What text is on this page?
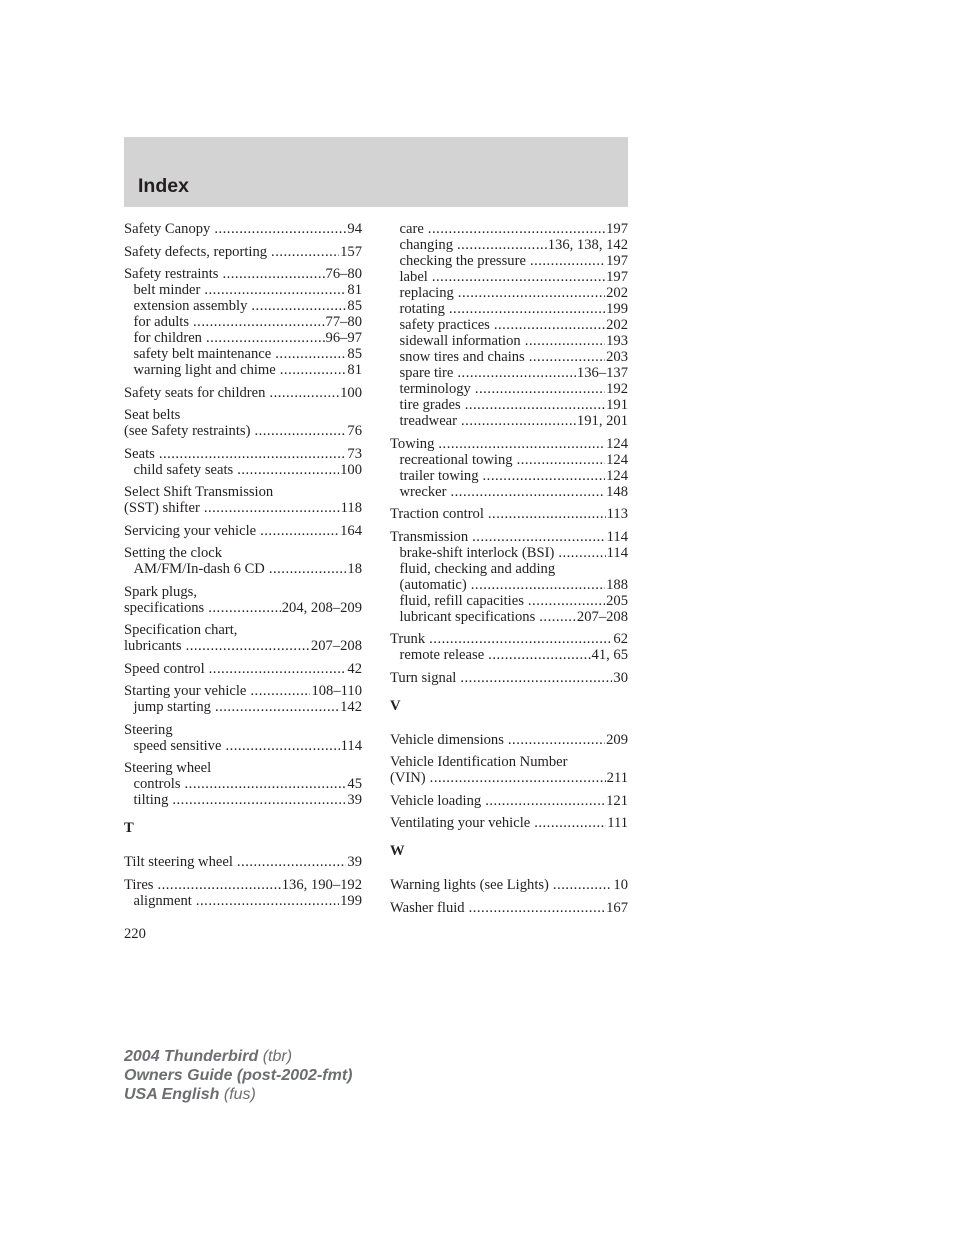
Index
Safety Canopy .....	94
Safety defects, reporting .....	157
Safety restraints .....	76–80
belt minder .....	81
extension assembly .....	85
for adults .....	77–80
for children .....	96–97
safety belt maintenance .....	85
warning light and chime .....	81
Safety seats for children .....	100
Seat belts
(see Safety restraints) .....	76
Seats .....	73
child safety seats .....	100
Select Shift Transmission
(SST) shifter .....	118
Servicing your vehicle .....	164
Setting the clock
AM/FM/In-dash 6 CD .....	18
Spark plugs,
specifications .....	204, 208–209
Specification chart,
lubricants .....	207–208
Speed control .....	42
Starting your vehicle .....	108–110
jump starting .....	142
Steering
speed sensitive .....	114
Steering wheel
controls .....	45
tilting .....	39
T
Tilt steering wheel .....	39
Tires .....	136, 190–192
alignment .....	199
care .....	197
changing .....	136, 138, 142
checking the pressure .....	197
label .....	197
replacing .....	202
rotating .....	199
safety practices .....	202
sidewall information .....	193
snow tires and chains .....	203
spare tire .....	136–137
terminology .....	192
tire grades .....	191
treadwear .....	191, 201
Towing .....	124
recreational towing .....	124
trailer towing .....	124
wrecker .....	148
Traction control .....	113
Transmission .....	114
brake-shift interlock (BSI) .....	114
fluid, checking and adding
(automatic) .....	188
fluid, refill capacities .....	205
lubricant specifications .....	207–208
Trunk .....	62
remote release .....	41, 65
Turn signal .....	30
V
Vehicle dimensions .....	209
Vehicle Identification Number
(VIN) .....	211
Vehicle loading .....	121
Ventilating your vehicle .....	111
W
Warning lights (see Lights) .....	10
Washer fluid .....	167

220

2004 Thunderbird (tbr)
Owners Guide (post-2002-fmt)
USA English (fus)
